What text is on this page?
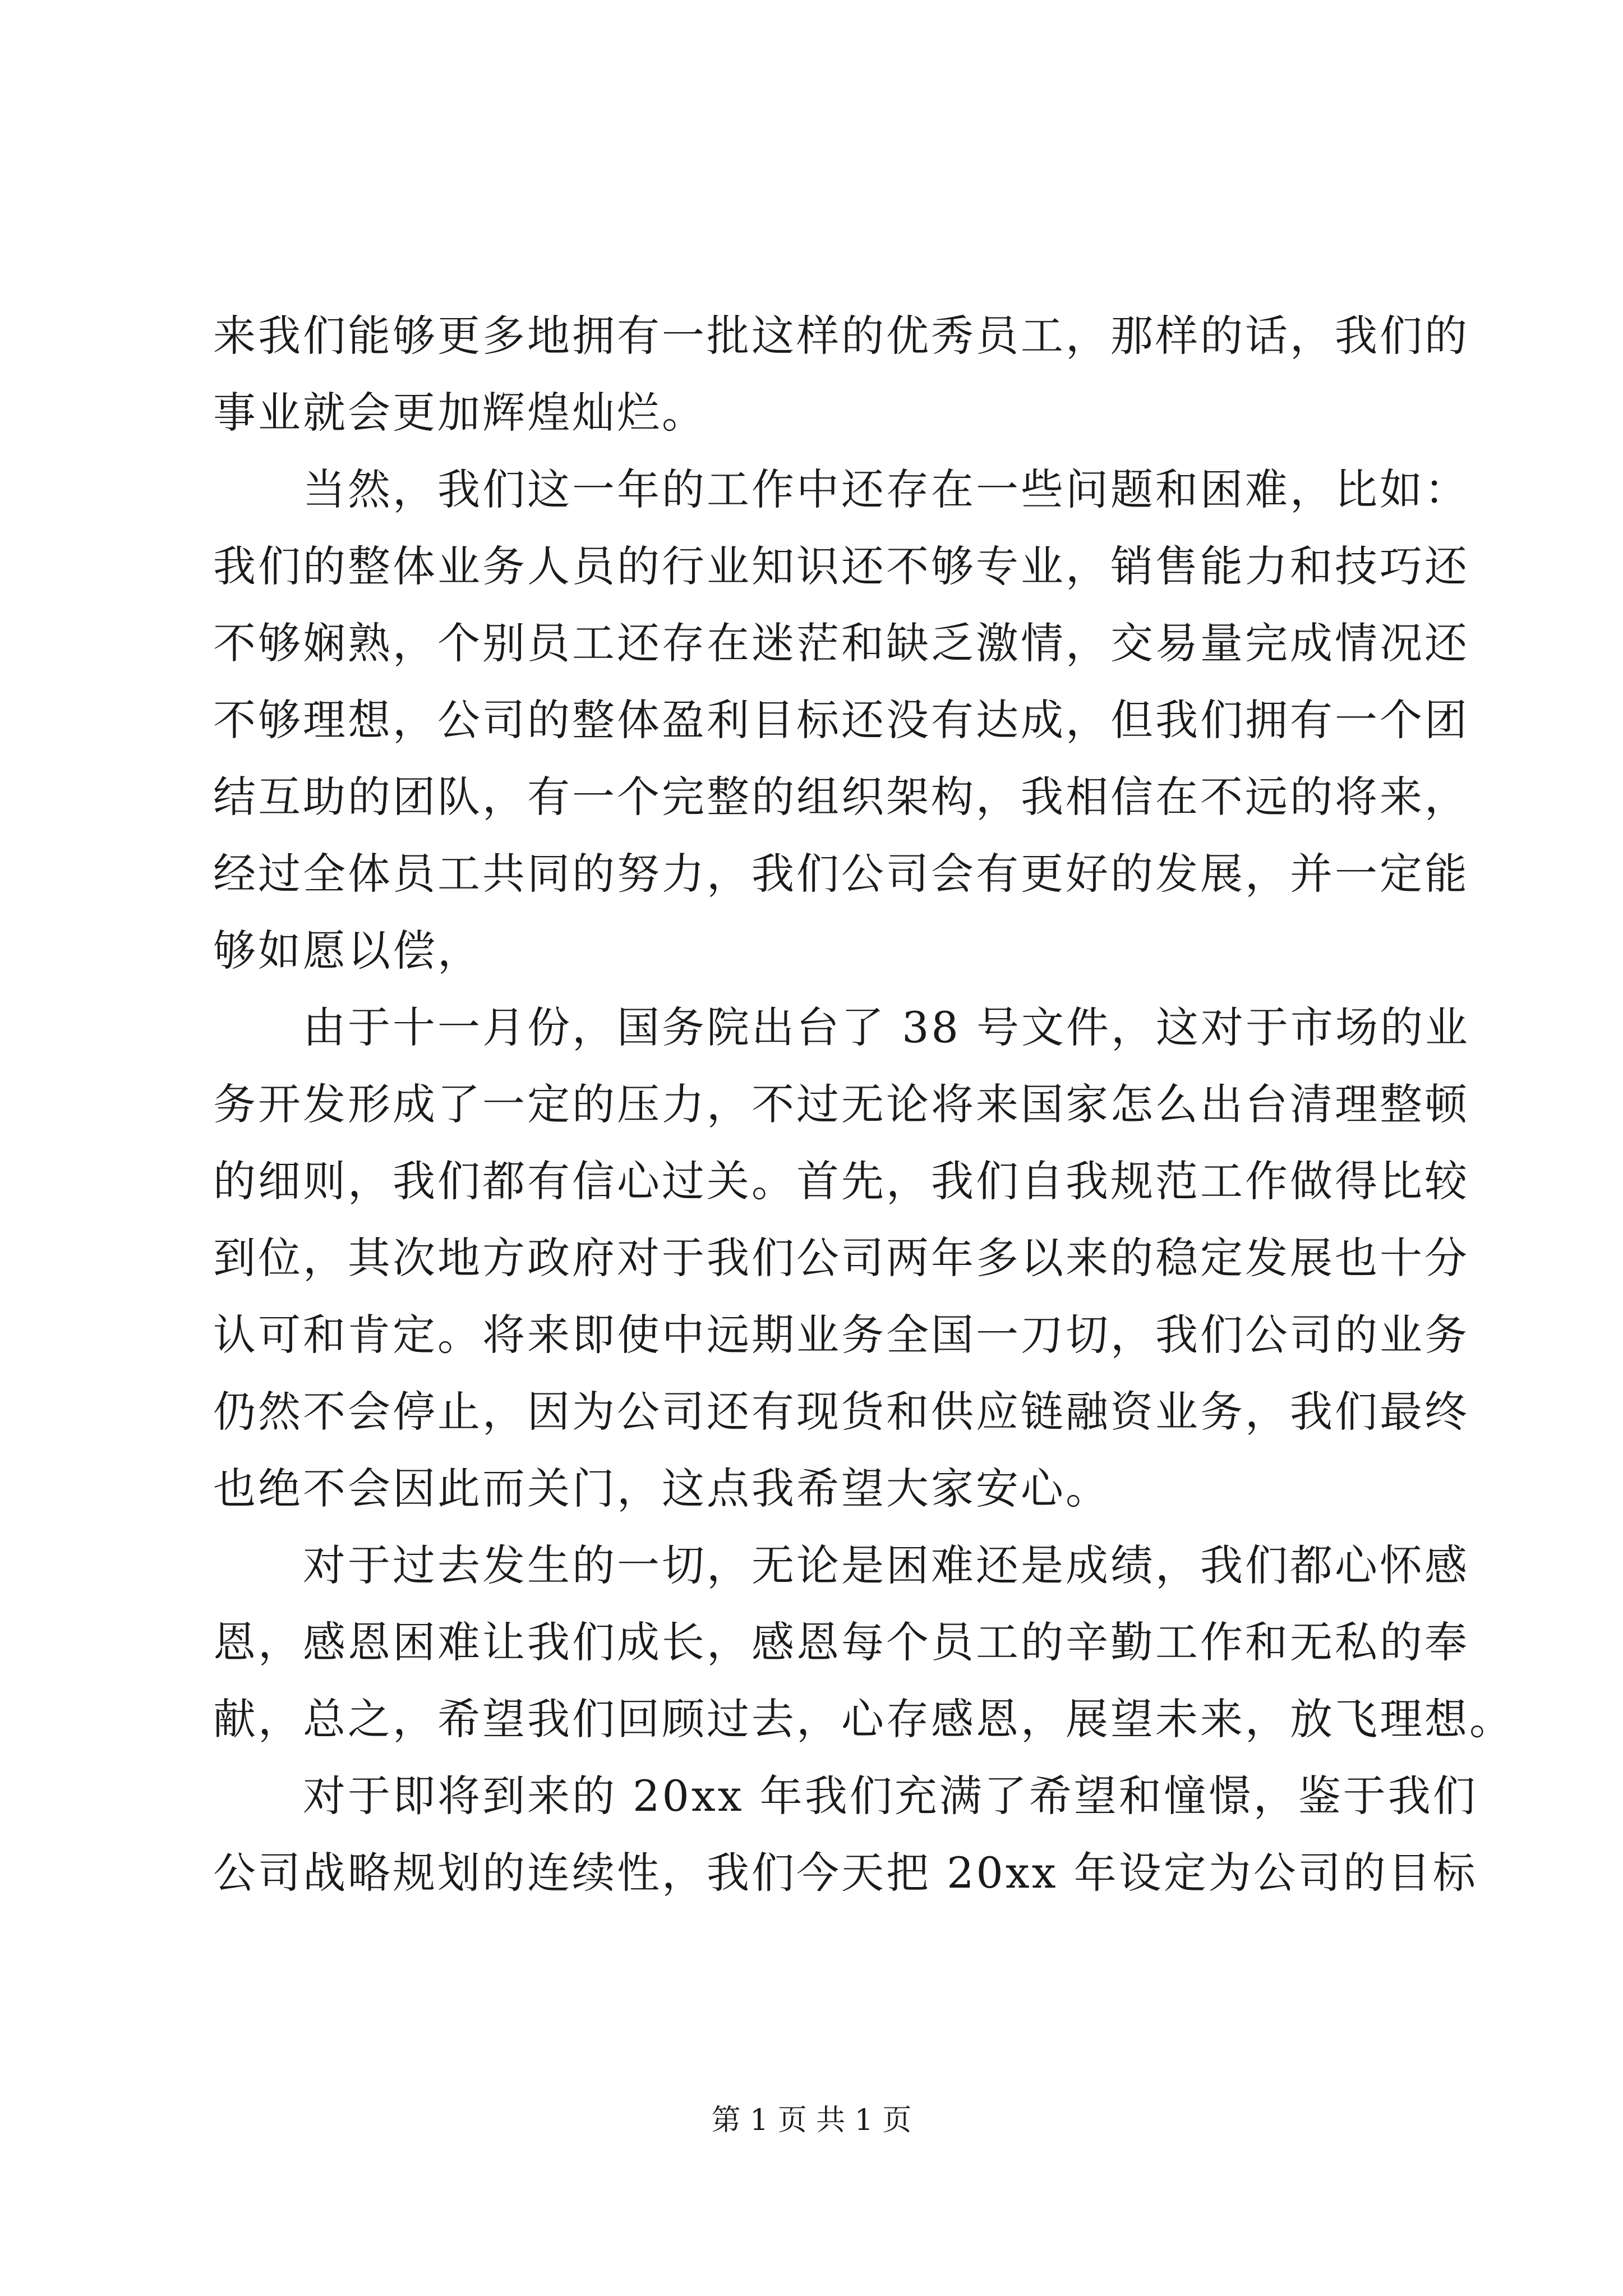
来我们能够更多地拥有一批这样的优秀员工，那样的话，我们的
事业就会更加辉煌灿烂。
当然，我们这一年的工作中还存在一些问题和困难，比如：
我们的整体业务人员的行业知识还不够专业，销售能力和技巧还
不够娴熟，个别员工还存在迷茫和缺乏激情，交易量完成情况还
不够理想，公司的整体盈利目标还没有达成，但我们拥有一个团
结互助的团队，有一个完整的组织架构，我相信在不远的将来，
经过全体员工共同的努力，我们公司会有更好的发展，并一定能
够如愿以偿，
由于十一月份，国务院出台了 38 号文件，这对于市场的业
务开发形成了一定的压力，不过无论将来国家怎么出台清理整顿
的细则，我们都有信心过关。首先，我们自我规范工作做得比较
到位，其次地方政府对于我们公司两年多以来的稳定发展也十分
认可和肯定。将来即使中远期业务全国一刀切，我们公司的业务
仍然不会停止，因为公司还有现货和供应链融资业务，我们最终
也绝不会因此而关门，这点我希望大家安心。
对于过去发生的一切，无论是困难还是成绩，我们都心怀感
恩，感恩困难让我们成长，感恩每个员工的辛勤工作和无私的奉
献，总之，希望我们回顾过去，心存感恩，展望未来，放飞理想。
对于即将到来的 20xx 年我们充满了希望和憧憬，鉴于我们
公司战略规划的连续性，我们今天把 20xx 年设定为公司的目标
第 1 页 共 1 页
